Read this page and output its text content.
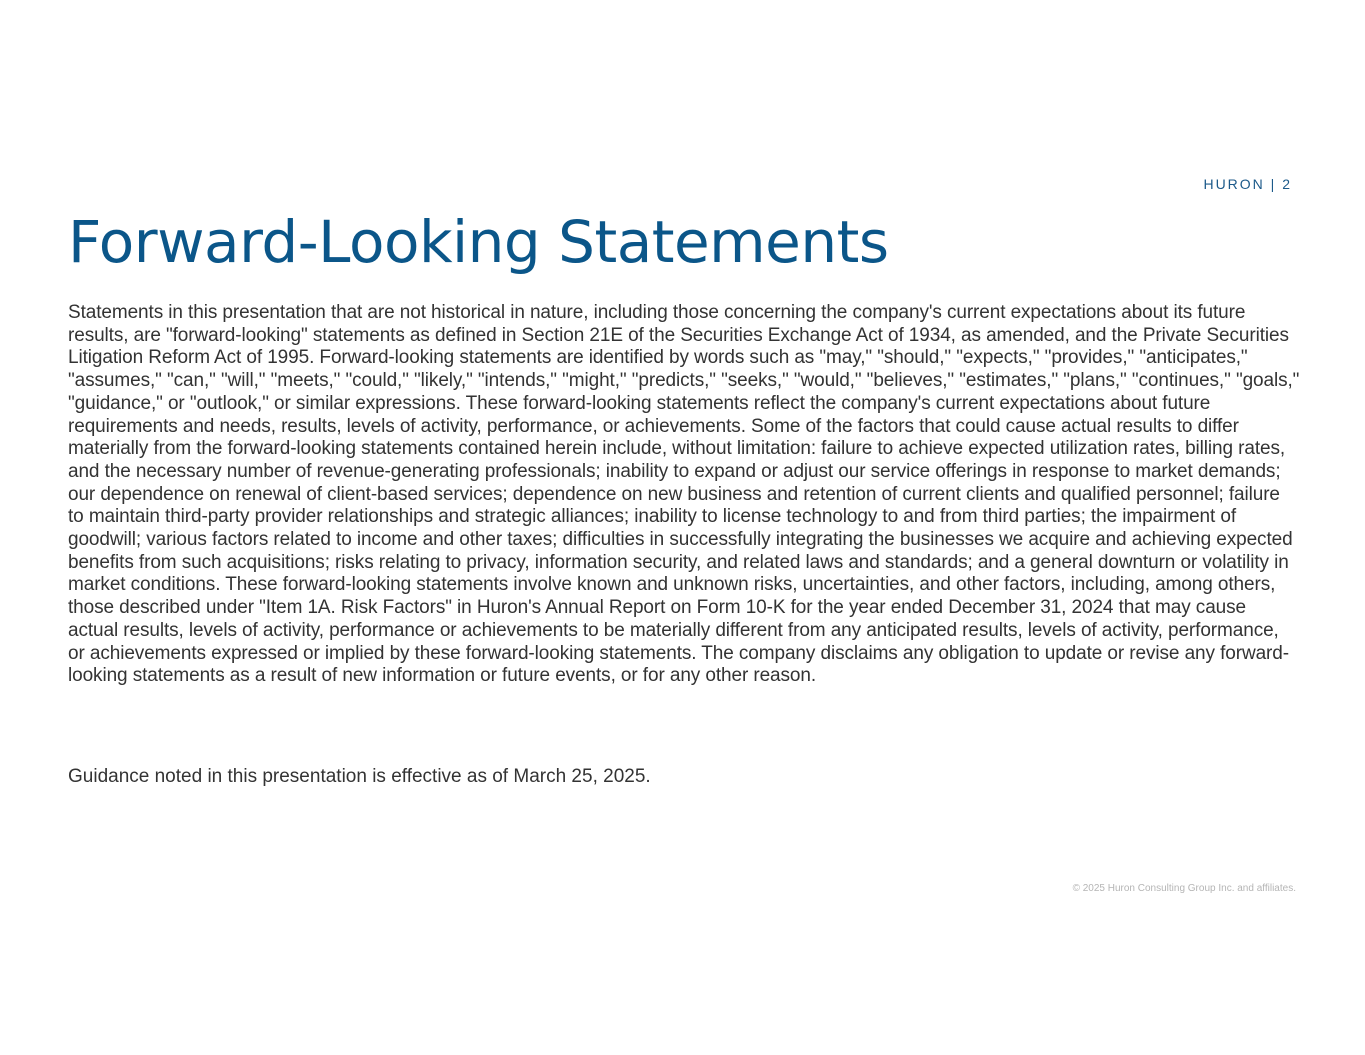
HURON | 2
Forward-Looking Statements

Statements in this presentation that are not historical in nature, including those concerning the company's current expectations about its future results, are "forward-looking" statements as defined in Section 21E of the Securities Exchange Act of 1934, as amended, and the Private Securities Litigation Reform Act of 1995. Forward-looking statements are identified by words such as "may," "should," "expects," "provides," "anticipates," "assumes," "can," "will," "meets," "could," "likely," "intends," "might," "predicts," "seeks," "would," "believes," "estimates," "plans," "continues," "goals," "guidance," or "outlook," or similar expressions. These forward-looking statements reflect the company's current expectations about future requirements and needs, results, levels of activity, performance, or achievements. Some of the factors that could cause actual results to differ materially from the forward-looking statements contained herein include, without limitation: failure to achieve expected utilization rates, billing rates, and the necessary number of revenue-generating professionals; inability to expand or adjust our service offerings in response to market demands; our dependence on renewal of client-based services; dependence on new business and retention of current clients and qualified personnel; failure to maintain third-party provider relationships and strategic alliances; inability to license technology to and from third parties; the impairment of goodwill; various factors related to income and other taxes; difficulties in successfully integrating the businesses we acquire and achieving expected benefits from such acquisitions; risks relating to privacy, information security, and related laws and standards; and a general downturn or volatility in market conditions. These forward-looking statements involve known and unknown risks, uncertainties, and other factors, including, among others, those described under "Item 1A. Risk Factors" in Huron's Annual Report on Form 10-K for the year ended December 31, 2024 that may cause actual results, levels of activity, performance or achievements to be materially different from any anticipated results, levels of activity, performance, or achievements expressed or implied by these forward-looking statements. The company disclaims any obligation to update or revise any forward-looking statements as a result of new information or future events, or for any other reason.

Guidance noted in this presentation is effective as of March 25, 2025.

© 2025 Huron Consulting Group Inc. and affiliates.
